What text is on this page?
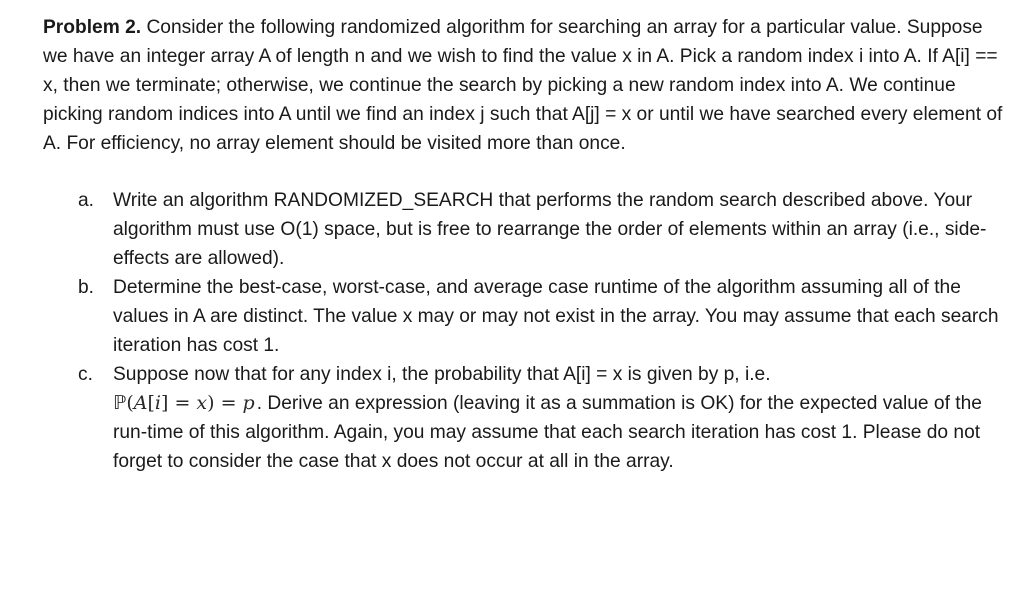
Problem 2. Consider the following randomized algorithm for searching an array for a particular value. Suppose we have an integer array A of length n and we wish to find the value x in A. Pick a random index i into A. If A[i] == x, then we terminate; otherwise, we continue the search by picking a new random index into A. We continue picking random indices into A until we find an index j such that A[j] = x or until we have searched every element of A. For efficiency, no array element should be visited more than once.

a. Write an algorithm RANDOMIZED_SEARCH that performs the random search described above. Your algorithm must use O(1) space, but is free to rearrange the order of elements within an array (i.e., side-effects are allowed).
b. Determine the best-case, worst-case, and average case runtime of the algorithm assuming all of the values in A are distinct. The value x may or may not exist in the array. You may assume that each search iteration has cost 1.
c. Suppose now that for any index i, the probability that A[i] = x is given by p, i.e.
ℙ(A[i] = x) = p . Derive an expression (leaving it as a summation is OK) for the expected value of the run-time of this algorithm. Again, you may assume that each search iteration has cost 1. Please do not forget to consider the case that x does not occur at all in the array.
